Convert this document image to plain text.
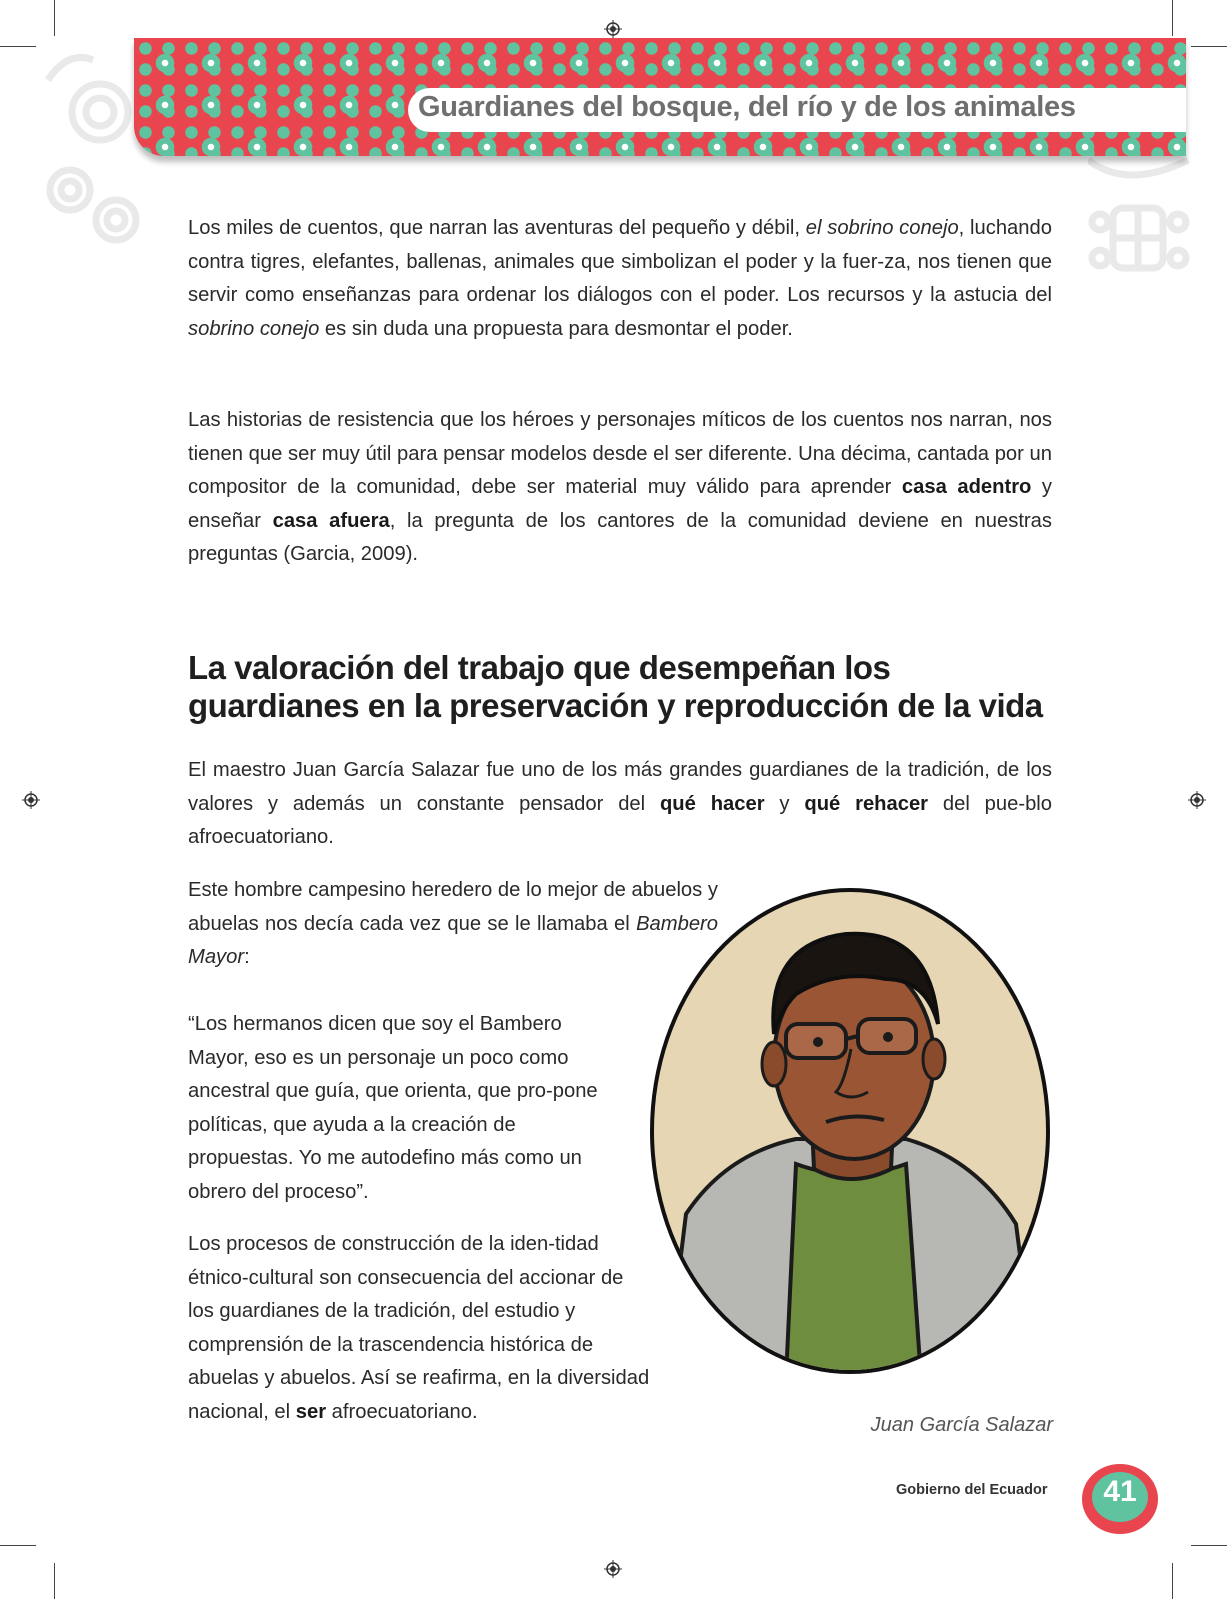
Guardianes del bosque, del río y de los animales

Los miles de cuentos, que narran las aventuras del pequeño y débil, el sobrino conejo, luchando contra tigres, elefantes, ballenas, animales que simbolizan el poder y la fuer-za, nos tienen que servir como enseñanzas para ordenar los diálogos con el poder. Los recursos y la astucia del sobrino conejo es sin duda una propuesta para desmontar el poder.

Las historias de resistencia que los héroes y personajes míticos de los cuentos nos narran, nos tienen que ser muy útil para pensar modelos desde el ser diferente. Una décima, cantada por un compositor de la comunidad, debe ser material muy válido para aprender casa adentro y enseñar casa afuera, la pregunta de los cantores de la comunidad deviene en nuestras preguntas (Garcia, 2009).

La valoración del trabajo que desempeñan los guardianes en la preservación y reproducción de la vida

El maestro Juan García Salazar fue uno de los más grandes guardianes de la tradición, de los valores y además un constante pensador del qué hacer y qué rehacer del pue-blo afroecuatoriano.

Este hombre campesino heredero de lo mejor de abuelos y abuelas nos decía cada vez que se le llamaba el Bambero Mayor:

“Los hermanos dicen que soy el Bambero Mayor, eso es un personaje un poco como ancestral que guía, que orienta, que pro-pone políticas, que ayuda a la creación de propuestas. Yo me autodefino más como un obrero del proceso”.

Los procesos de construcción de la iden-tidad étnico-cultural son consecuencia del accionar de los guardianes de la tradición, del estudio y comprensión de la trascendencia histórica de abuelas y abuelos. Así se reafirma, en la diversidad nacional, el ser afroecuatoriano.

Juan García Salazar
Gobierno del Ecuador	41
